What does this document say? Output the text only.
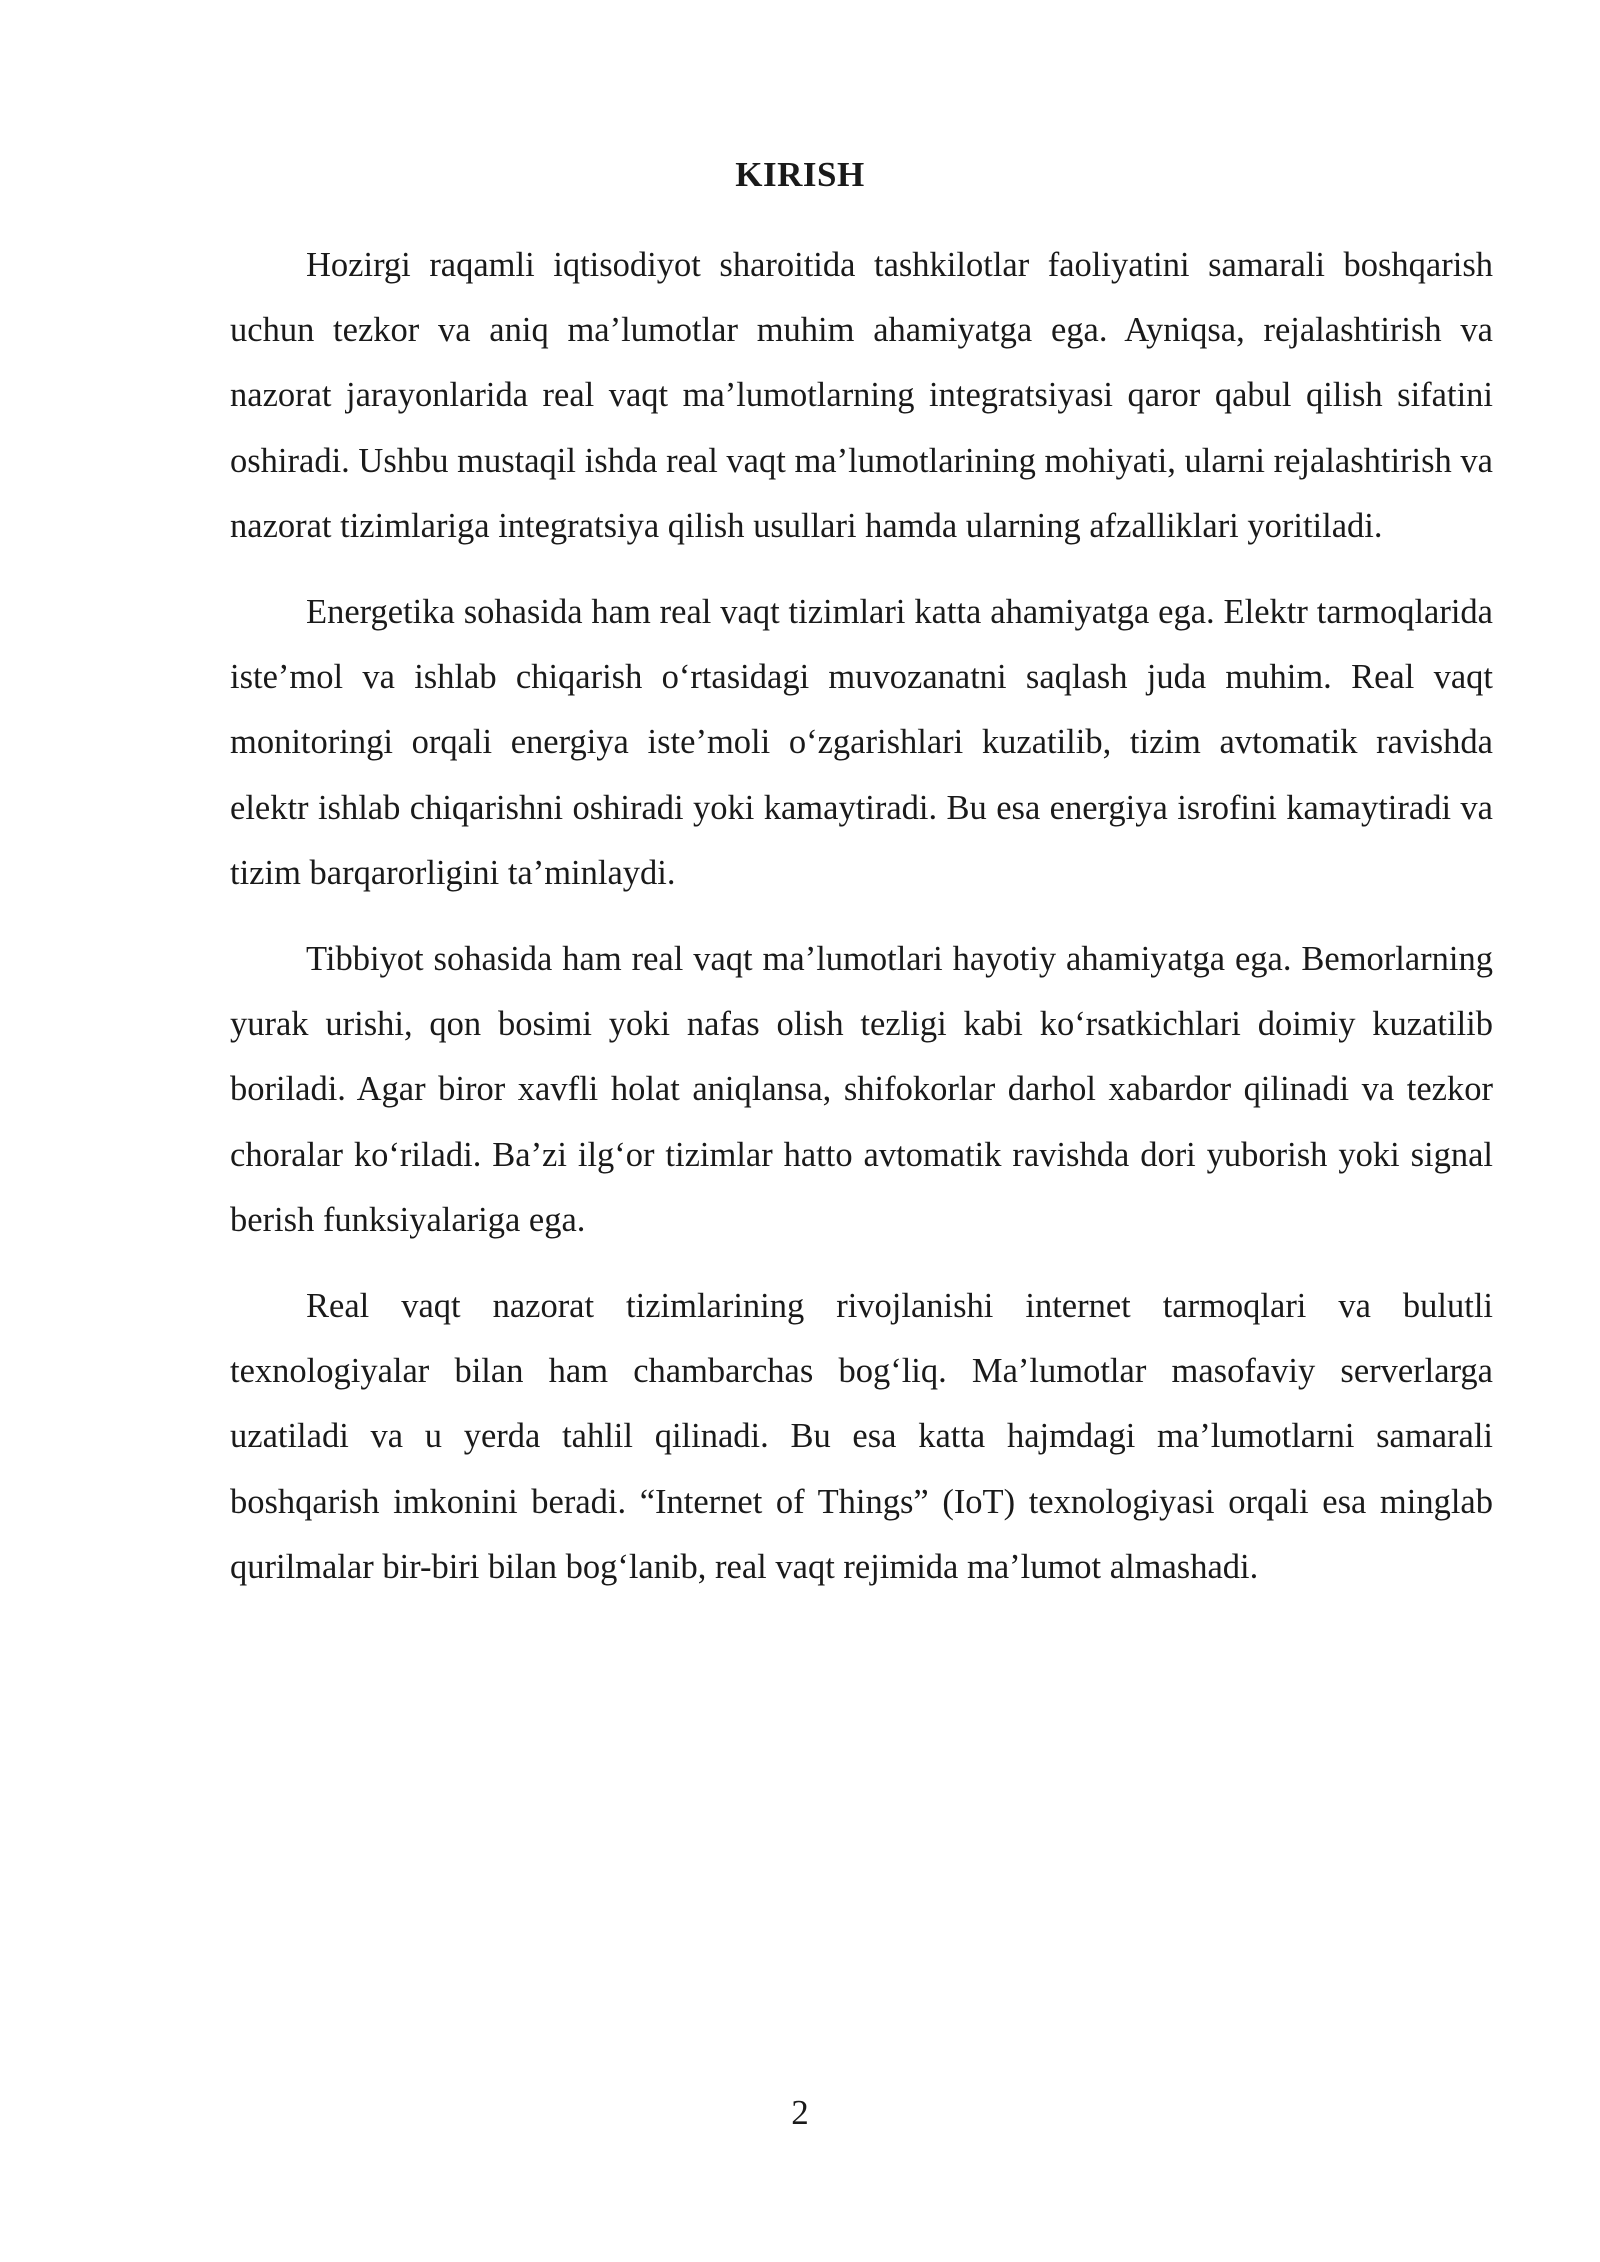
KIRISH

Hozirgi raqamli iqtisodiyot sharoitida tashkilotlar faoliyatini samarali boshqarish uchun tezkor va aniq ma’lumotlar muhim ahamiyatga ega. Ayniqsa, rejalashtirish va nazorat jarayonlarida real vaqt ma’lumotlarning integratsiyasi qaror qabul qilish sifatini oshiradi. Ushbu mustaqil ishda real vaqt ma’lumotlarining mohiyati, ularni rejalashtirish va nazorat tizimlariga integratsiya qilish usullari hamda ularning afzalliklari yoritiladi.

Energetika sohasida ham real vaqt tizimlari katta ahamiyatga ega. Elektr tarmoqlarida iste’mol va ishlab chiqarish o‘rtasidagi muvozanatni saqlash juda muhim. Real vaqt monitoringi orqali energiya iste’moli o‘zgarishlari kuzatilib, tizim avtomatik ravishda elektr ishlab chiqarishni oshiradi yoki kamaytiradi. Bu esa energiya isrofini kamaytiradi va tizim barqarorligini ta’minlaydi.

Tibbiyot sohasida ham real vaqt ma’lumotlari hayotiy ahamiyatga ega. Bemorlarning yurak urishi, qon bosimi yoki nafas olish tezligi kabi ko‘rsatkichlari doimiy kuzatilib boriladi. Agar biror xavfli holat aniqlansa, shifokorlar darhol xabardor qilinadi va tezkor choralar ko‘riladi. Ba’zi ilg‘or tizimlar hatto avtomatik ravishda dori yuborish yoki signal berish funksiyalariga ega.

Real vaqt nazorat tizimlarining rivojlanishi internet tarmoqlari va bulutli texnologiyalar bilan ham chambarchas bog‘liq. Ma’lumotlar masofaviy serverlarga uzatiladi va u yerda tahlil qilinadi. Bu esa katta hajmdagi ma’lumotlarni samarali boshqarish imkonini beradi. “Internet of Things” (IoT) texnologiyasi orqali esa minglab qurilmalar bir-biri bilan bog‘lanib, real vaqt rejimida ma’lumot almashadi.

2
